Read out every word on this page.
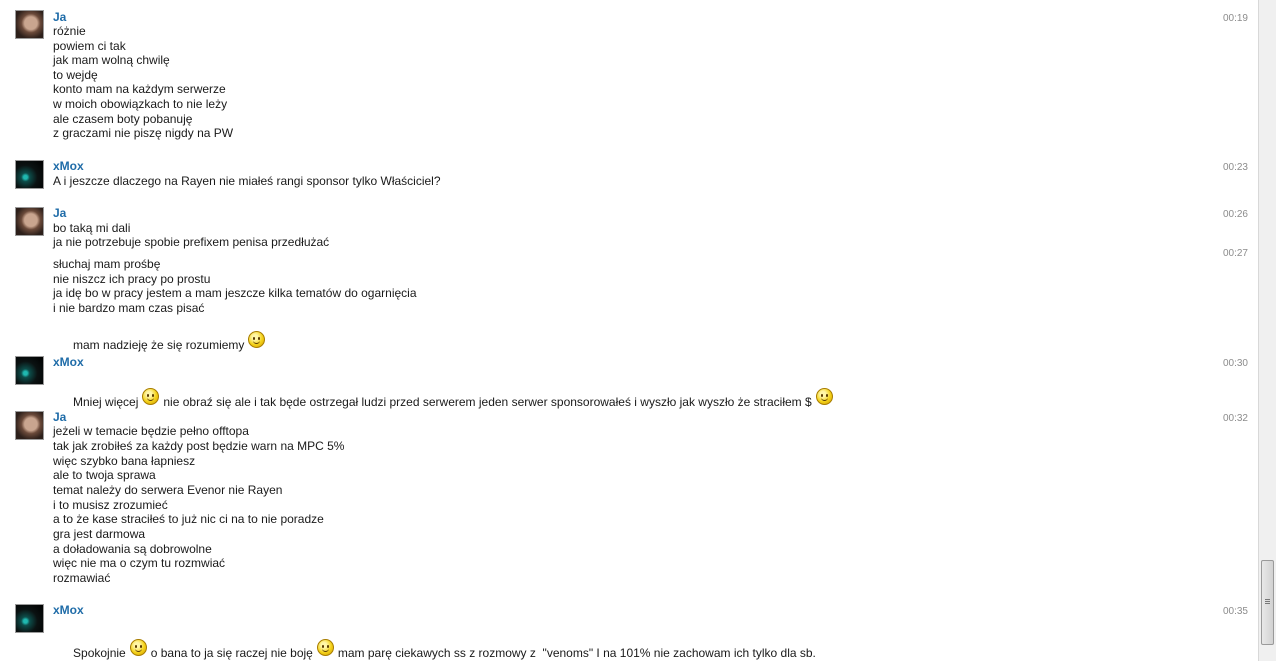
Ja	00:19
różnie
powiem ci tak
jak mam wolną chwilę
to wejdę
konto mam na każdym serwerze
w moich obowiązkach to nie leży
ale czasem boty pobanuję
z graczami nie piszę nigdy na PW
xMox	00:23
A i jeszcze dlaczego na Rayen nie miałeś rangi sponsor tylko Właściciel?
Ja	00:26
bo taką mi dali
ja nie potrzebuje spobie prefixem penisa przedłużać
00:27
słuchaj mam prośbę
nie niszcz ich pracy po prostu
ja idę bo w pracy jestem a mam jeszcze kilka tematów do ogarnięcia
i nie bardzo mam czas pisać

mam nadzieję że się rozumiemy

xMox	00:30

Mniej więcej nie obraź się ale i tak będe ostrzegał ludzi przed serwerem jeden serwer sponsorowałeś i wyszło jak wyszło że straciłem $

Ja	00:32
jeżeli w temacie będzie pełno offtopa
tak jak zrobiłeś za każdy post będzie warn na MPC 5%
więc szybko bana łapniesz
ale to twoja sprawa
temat należy do serwera Evenor nie Rayen
i to musisz zrozumieć
a to że kase straciłeś to już nic ci na to nie poradze
gra jest darmowa
a doładowania są dobrowolne
więc nie ma o czym tu rozmwiać
rozmawiać
xMox	00:35

Spokojnie o bana to ja się raczej nie boję mam parę ciekawych ss z rozmowy z  "venoms" I na 101% nie zachowam ich tylko dla sb.
